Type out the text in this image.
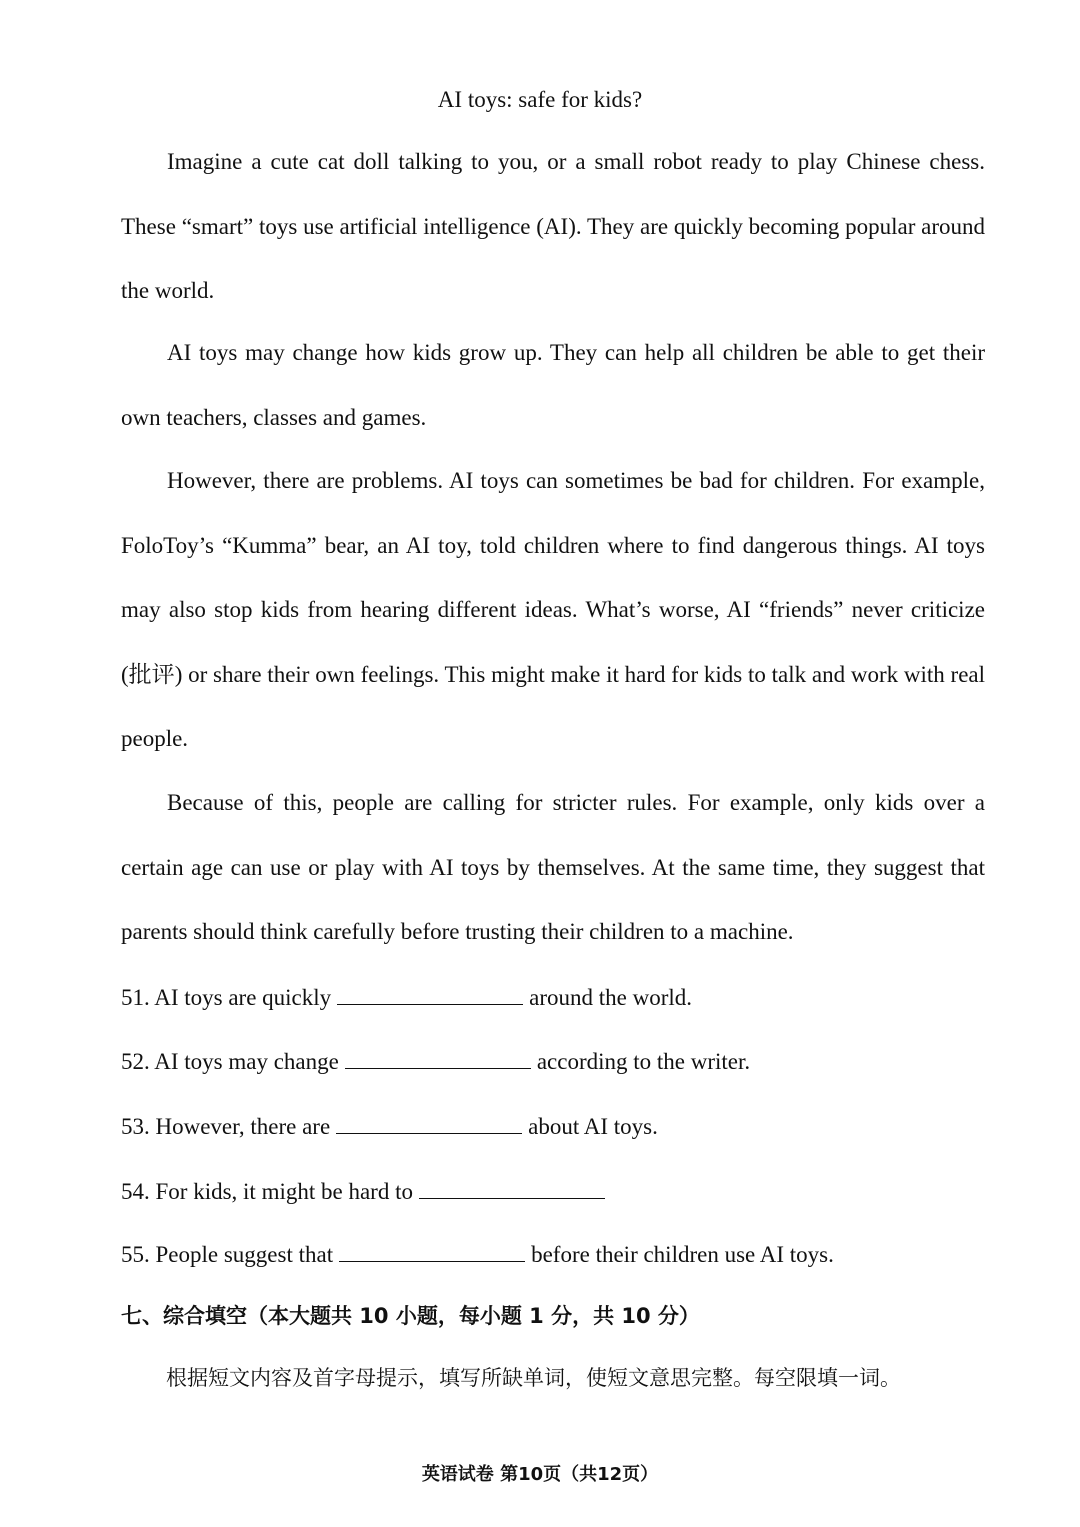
AI toys: safe for kids?

Imagine a cute cat doll talking to you, or a small robot ready to play Chinese chess. These “smart” toys use artificial intelligence (AI). They are quickly becoming popular around the world.

AI toys may change how kids grow up. They can help all children be able to get their own teachers, classes and games.

However, there are problems. AI toys can sometimes be bad for children. For example, FoloToy’s “Kumma” bear, an AI toy, told children where to find dangerous things. AI toys may also stop kids from hearing different ideas. What’s worse, AI “friends” never criticize (批评) or share their own feelings. This might make it hard for kids to talk and work with real people.

Because of this, people are calling for stricter rules. For example, only kids over a certain age can use or play with AI toys by themselves. At the same time, they suggest that parents should think carefully before trusting their children to a machine.

51. AI toys are quickly	around the world.
52. AI toys may change	according to the writer.
53. However, there are	about AI toys.
54. For kids, it might be hard to
55. People suggest that	before their children use AI toys.
七、综合填空（本大题共 10 小题，每小题 1 分，共 10 分）
根据短文内容及首字母提示，填写所缺单词，使短文意思完整。每空限填一词。
英语试卷 第10页（共12页）
